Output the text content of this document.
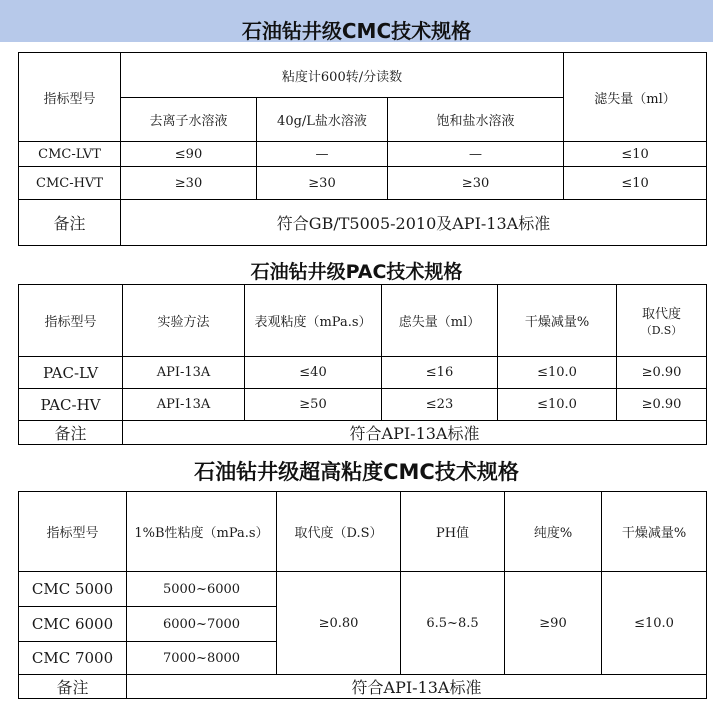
石油钻井级CMC技术规格
指标型号	粘度计600转/分读数			滤失量（ml）
	去离子水溶液	40g/L盐水溶液	饱和盐水溶液	
CMC-LVT	≤90	—	—	≤10
CMC-HVT	≥30	≥30	≥30	≤10
备注	符合GB/T5005-2010及API-13A标准			
石油钻井级PAC技术规格
指标型号	实验方法	表观粘度（mPa.s）	虑失量（ml）	干燥减量%	取代度
（D.S）

PAC-LV	API-13A	≤40	≤16	≤10.0	≥0.90
PAC-HV	API-13A	≥50	≤23	≤10.0	≥0.90
备注	符合API-13A标准				
石油钻井级超高粘度CMC技术规格
指标型号	1%B性粘度（mPa.s）	取代度（D.S）	PH值	纯度%	干燥减量%
CMC 5000	5000~6000	≥0.80	6.5~8.5	≥90	≤10.0
CMC 6000	6000~7000				
CMC 7000	7000~8000				
备注	符合API-13A标准				
